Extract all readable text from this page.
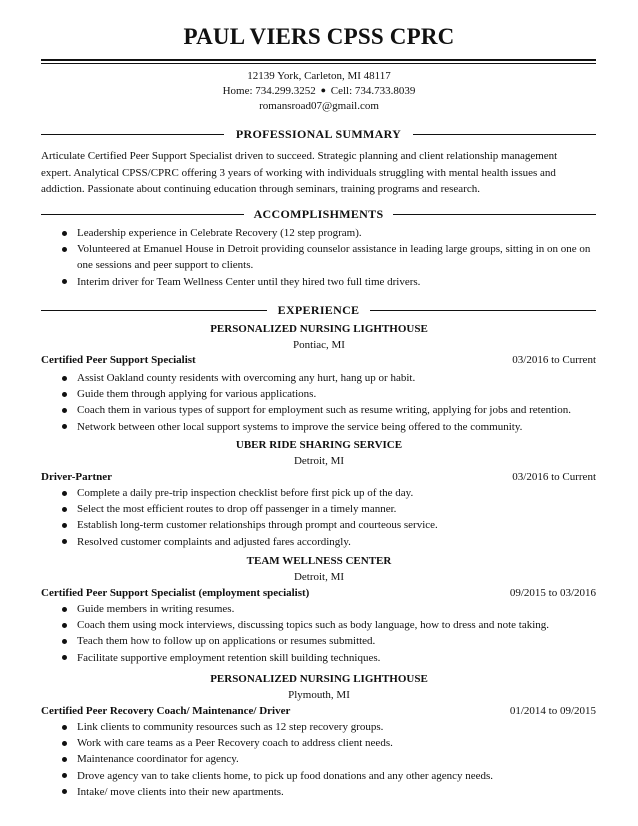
PAUL VIERS CPSS CPRC
12139 York, Carleton, MI 48117
Home: 734.299.3252 ● Cell: 734.733.8039
romansroad07@gmail.com
PROFESSIONAL SUMMARY
Articulate Certified Peer Support Specialist driven to succeed. Strategic planning and client relationship management
expert. Analytical CPSS/CPRC offering 3 years of working with individuals struggling with mental health issues and
addiction. Passionate about continuing education through seminars, training programs and research.
ACCOMPLISHMENTS
Leadership experience in Celebrate Recovery (12 step program).
Volunteered at Emanuel House in Detroit providing counselor assistance in leading large groups, sitting in on one on
one sessions and peer support to clients.
Interim driver for Team Wellness Center until they hired two full time drivers.
EXPERIENCE
PERSONALIZED NURSING LIGHTHOUSE
Pontiac, MI
Certified Peer Support Specialist	03/2016 to Current
Assist Oakland county residents with overcoming any hurt, hang up or habit.
Guide them through applying for various applications.
Coach them in various types of support for employment such as resume writing, applying for jobs and retention.
Network between other local support systems to improve the service being offered to the community.
UBER RIDE SHARING SERVICE
Detroit, MI
Driver-Partner	03/2016 to Current
Complete a daily pre-trip inspection checklist before first pick up of the day.
Select the most efficient routes to drop off passenger in a timely manner.
Establish long-term customer relationships through prompt and courteous service.
Resolved customer complaints and adjusted fares accordingly.
TEAM WELLNESS CENTER
Detroit, MI
Certified Peer Support Specialist (employment specialist)	09/2015 to 03/2016
Guide members in writing resumes.
Coach them using mock interviews, discussing topics such as body language, how to dress and note taking.
Teach them how to follow up on applications or resumes submitted.
Facilitate supportive employment retention skill building techniques.
PERSONALIZED NURSING LIGHTHOUSE
Plymouth, MI
Certified Peer Recovery Coach/ Maintenance/ Driver	01/2014 to 09/2015
Link clients to community resources such as 12 step recovery groups.
Work with care teams as a Peer Recovery coach to address client needs.
Maintenance coordinator for agency.
Drove agency van to take clients home, to pick up food donations and any other agency needs.
Intake/ move clients into their new apartments.
